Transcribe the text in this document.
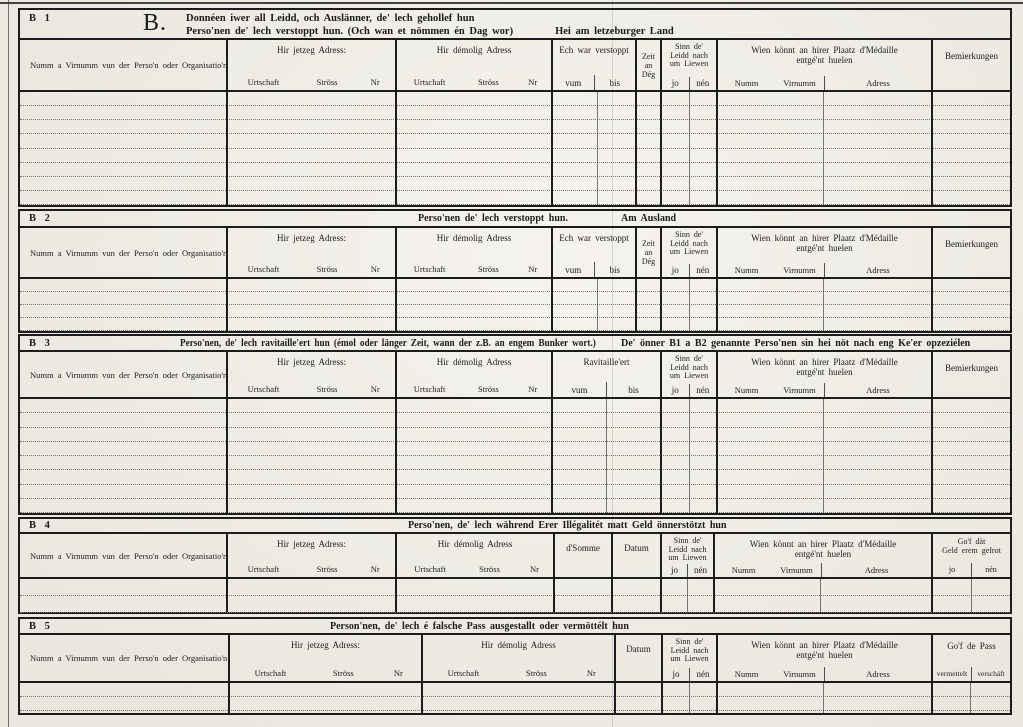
B 1	B. Donnéen iwer all Leidd, och Auslänner, de' lech gehollef hun
Perso'nen de' lech verstoppt hun. (Och wan et nömmen én Dag wor)	Hei am letzeburger Land
Numm a Virnumm vun der Perso'n oder Organisatio'n
Hir jetzeg Adress:
Urtschaft	Ströss	Nr
Hir démolig Adress
Urtschaft	Ströss	Nr
Ech war verstoppt
vum	bis
Zeit
an
Dég
Sinn de'
Leidd nach
um Liewen
jo	nén
Wien könnt an hirer Plaatz d'Médaille
entgé'nt huelen
Numm	Virnumm	Adress
Bemierkungen
B 2	Perso'nen de' lech verstoppt hun.	Am Ausland
Numm a Virnumm vun der Perso'n oder Organisatio'n
Hir jetzeg Adress:
Urtschaft	Ströss	Nr
Hir démolig Adress
Urtschaft	Ströss	Nr
Ech war verstoppt
vum	bis
Zeit
an
Dég
Sinn de'
Leidd nach
um Liewen
jo	nén
Wien könnt an hirer Plaatz d'Médaille
entgé'nt huelen
Numm	Virnumm	Adress
Bemierkungen
B 3	Perso'nen, de' lech ravitaille'ert hun (émol oder länger Zeit, wann der z.B. an engem Bunker wort.)	De' önner B1 a B2 genannte Perso'nen sin hei nöt nach eng Ke'er opzeziélen
Numm a Virnumm vun der Perso'n oder Organisatio'n
Hir jetzeg Adress:
Urtschaft	Ströss	Nr
Hir démolig Adress
Urtschaft	Ströss	Nr
Ravitaille'ert
vum	bis
Sinn de'
Leidd nach
um Liewen
jo	nén
Wien könnt an hirer Plaatz d'Médaille
entgé'nt huelen
Numm	Virnumm	Adress
Bemierkungen
B 4	Perso'nen, de' lech während Erer Illégalitét matt Geld önnerstötzt hun
Numm a Virnumm vun der Perso'n oder Organisatio'n
Hir jetzeg Adress:
Urtschaft	Ströss	Nr
Hir démolig Adress
Urtschaft	Ströss	Nr
d'Somme	Datum
Sinn de'
Leidd nach
um Liewen
jo	nén
Wien könnt an hirer Plaatz d'Médaille
entgé'nt huelen
Numm	Virnumm	Adress
Go'f dät
Geld erem gefrot
jo	nén
B 5	Person'nen, de' lech é falsche Pass ausgestallt oder vermöttélt hun
Numm a Virnumm vun der Perso'n oder Organisatio'n
Hir jetzeg Adress:
Urtschaft	Ströss	Nr
Hir démolig Adress
Urtschaft	Ströss	Nr
Datum
Sinn de'
Leidd nach
um Liewen
jo	nén
Wien könnt an hirer Plaatz d'Médaille
entgé'nt huelen
Numm	Virnumm	Adress
Go'f de Pass
vermettelt	verscháft
